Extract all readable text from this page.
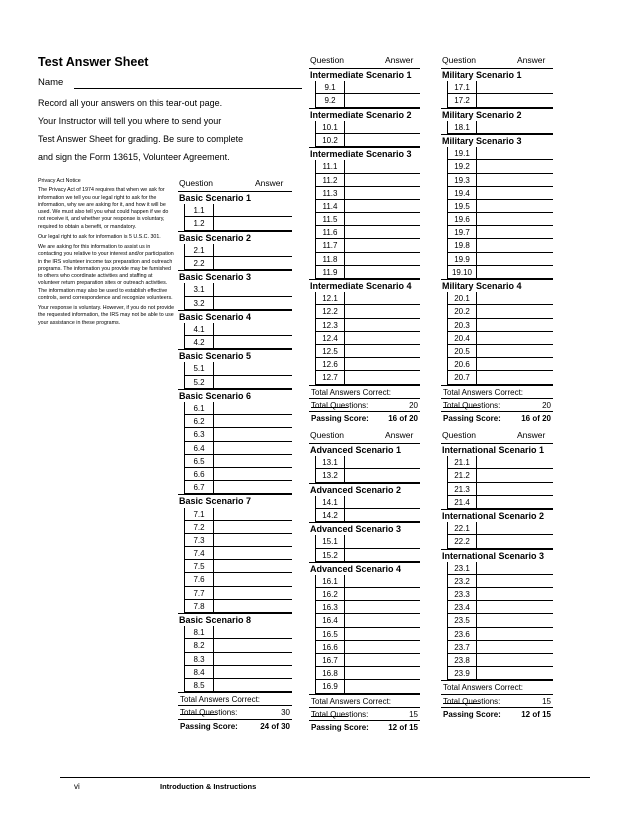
Test Answer Sheet
Name
Record all your answers on this tear-out page.
Your Instructor will tell you where to send your
Test Answer Sheet for grading. Be sure to complete
and sign the Form 13615, Volunteer Agreement.
Privacy Act Notice

The Privacy Act of 1974 requires that when we ask for information we tell you our legal right to ask for the information, why we are asking for it, and how it will be used. We must also tell you what could happen if we do not receive it, and whether your response is voluntary, required to obtain a benefit, or mandatory.

Our legal right to ask for information is 5 U.S.C. 301.

We are asking for this information to assist us in contacting you relative to your interest and/or participation in the IRS volunteer income tax preparation and outreach programs. The information you provide may be furnished to others who coordinate activities and staffing at volunteer return preparation sites or outreach activities. The information may also be used to establish effective controls, send correspondence and recognize volunteers.

Your response is voluntary. However, if you do not provide the requested information, the IRS may not be able to use your assistance in these programs.

Question	Answer
Basic Scenario 1
1.1
1.2
Basic Scenario 2
2.1
2.2
Basic Scenario 3
3.1
3.2
Basic Scenario 4
4.1
4.2
Basic Scenario 5
5.1
5.2
Basic Scenario 6
6.1
6.2
6.3
6.4
6.5
6.6
6.7
Basic Scenario 7
7.1
7.2
7.3
7.4
7.5
7.6
7.7
7.8
Basic Scenario 8
8.1
8.2
8.3
8.4
8.5
Total Answers Correct:
Total Questions:	30
Passing Score:	24 of 30
Question	Answer
Intermediate Scenario 1
9.1
9.2
Intermediate Scenario 2
10.1
10.2
Intermediate Scenario 3
11.1
11.2
11.3
11.4
11.5
11.6
11.7
11.8
11.9
Intermediate Scenario 4
12.1
12.2
12.3
12.4
12.5
12.6
12.7
Total Answers Correct:
Total Questions:	20
Passing Score: 16 of 20
Question	Answer
Advanced Scenario 1
13.1
13.2
Advanced Scenario 2
14.1
14.2
Advanced Scenario 3
15.1
15.2
Advanced Scenario 4
16.1
16.2
16.3
16.4
16.5
16.6
16.7
16.8
16.9
Total Answers Correct:
Total Questions:	15
Passing Score: 12 of 15
Question	Answer
Military Scenario 1
17.1
17.2
Military Scenario 2
18.1
Military Scenario 3
19.1
19.2
19.3
19.4
19.5
19.6
19.7
19.8
19.9
19.10
Military Scenario 4
20.1
20.2
20.3
20.4
20.5
20.6
20.7
Total Answers Correct:
Total Questions:	20
Passing Score:	16 of 20
Question	Answer
International Scenario 1
21.1
21.2
21.3
21.4
International Scenario 2
22.1
22.2
International Scenario 3
23.1
23.2
23.3
23.4
23.5
23.6
23.7
23.8
23.9
Total Answers Correct:
Total Questions:	15
Passing Score:	12 of 15
vi	Introduction & Instructions
